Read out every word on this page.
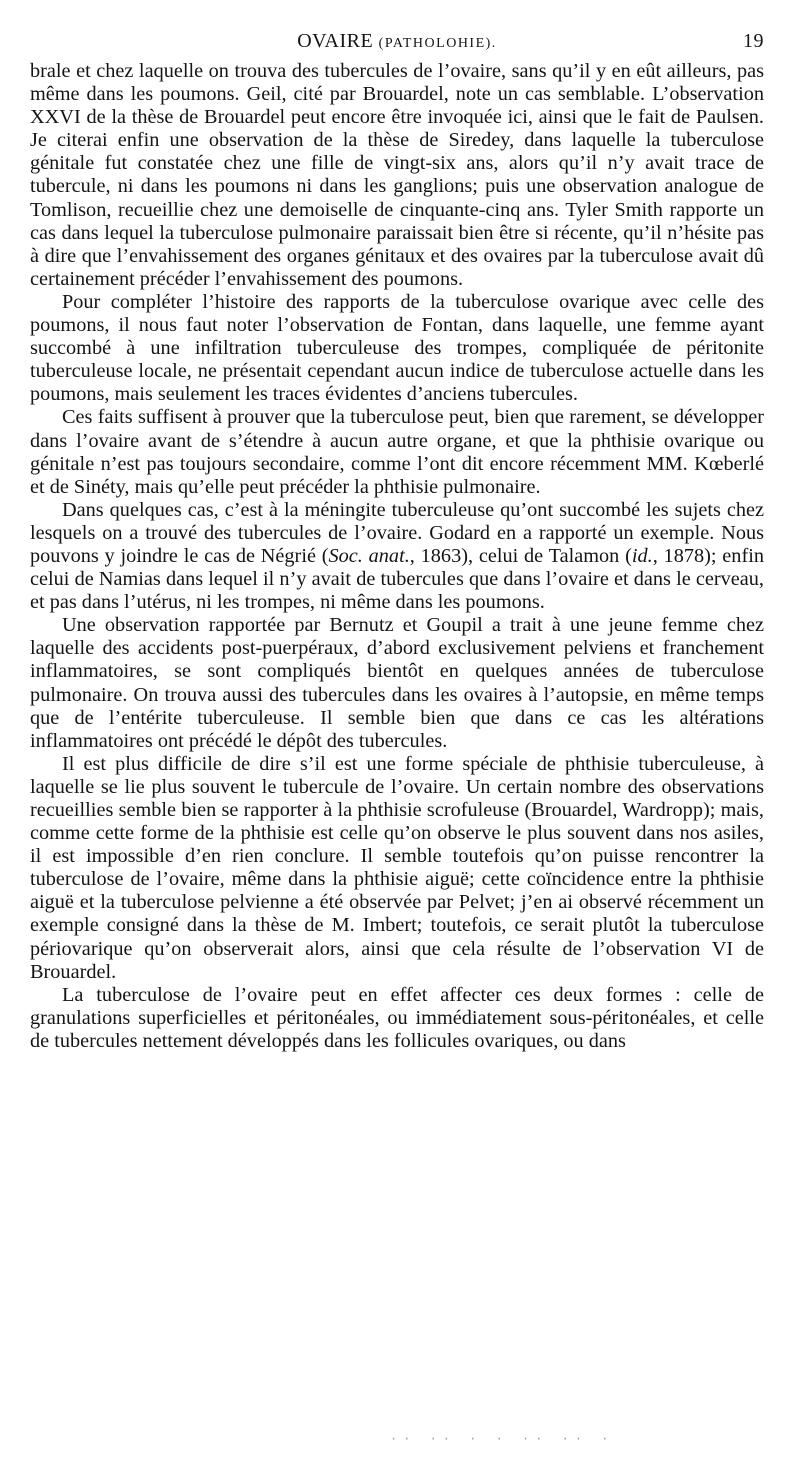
OVAIRE (PATHOLOHIE).	19

brale et chez laquelle on trouva des tubercules de l’ovaire, sans qu’il y en eût ailleurs, pas même dans les poumons. Geil, cité par Brouardel, note un cas semblable. L’observation XXVI de la thèse de Brouardel peut encore être invoquée ici, ainsi que le fait de Paulsen. Je citerai enfin une observation de la thèse de Siredey, dans laquelle la tuberculose génitale fut constatée chez une fille de vingt-six ans, alors qu’il n’y avait trace de tubercule, ni dans les poumons ni dans les ganglions; puis une observation analogue de Tomlison, recueillie chez une demoiselle de cinquante-cinq ans. Tyler Smith rapporte un cas dans lequel la tuberculose pulmonaire paraissait bien être si récente, qu’il n’hésite pas à dire que l’envahissement des organes génitaux et des ovaires par la tuberculose avait dû certainement précéder l’envahissement des poumons.

Pour compléter l’histoire des rapports de la tuberculose ovarique avec celle des poumons, il nous faut noter l’observation de Fontan, dans laquelle, une femme ayant succombé à une infiltration tuberculeuse des trompes, compliquée de péritonite tuberculeuse locale, ne présentait cependant aucun indice de tuberculose actuelle dans les poumons, mais seulement les traces évidentes d’anciens tubercules.

Ces faits suffisent à prouver que la tuberculose peut, bien que rarement, se développer dans l’ovaire avant de s’étendre à aucun autre organe, et que la phthisie ovarique ou génitale n’est pas toujours secondaire, comme l’ont dit encore récemment MM. Kœberlé et de Sinéty, mais qu’elle peut précéder la phthisie pulmonaire.

Dans quelques cas, c’est à la méningite tuberculeuse qu’ont succombé les sujets chez lesquels on a trouvé des tubercules de l’ovaire. Godard en a rapporté un exemple. Nous pouvons y joindre le cas de Négrié (Soc. anat., 1863), celui de Talamon (id., 1878); enfin celui de Namias dans lequel il n’y avait de tubercules que dans l’ovaire et dans le cerveau, et pas dans l’utérus, ni les trompes, ni même dans les poumons.

Une observation rapportée par Bernutz et Goupil a trait à une jeune femme chez laquelle des accidents post-puerpéraux, d’abord exclusivement pelviens et franchement inflammatoires, se sont compliqués bientôt en quelques années de tuberculose pulmonaire. On trouva aussi des tubercules dans les ovaires à l’autopsie, en même temps que de l’entérite tuberculeuse. Il semble bien que dans ce cas les altérations inflammatoires ont précédé le dépôt des tubercules.

Il est plus difficile de dire s’il est une forme spéciale de phthisie tuberculeuse, à laquelle se lie plus souvent le tubercule de l’ovaire. Un certain nombre des observations recueillies semble bien se rapporter à la phthisie scrofuleuse (Brouardel, Wardropp); mais, comme cette forme de la phthisie est celle qu’on observe le plus souvent dans nos asiles, il est impossible d’en rien conclure. Il semble toutefois qu’on puisse rencontrer la tuberculose de l’ovaire, même dans la phthisie aiguë; cette coïncidence entre la phthisie aiguë et la tuberculose pelvienne a été observée par Pelvet; j’en ai observé récemment un exemple consigné dans la thèse de M. Imbert; toutefois, ce serait plutôt la tuberculose périovarique qu’on observerait alors, ainsi que cela résulte de l’observation VI de Brouardel.

La tuberculose de l’ovaire peut en effet affecter ces deux formes : celle de granulations superficielles et péritonéales, ou immédiatement sous-péritonéales, et celle de tubercules nettement développés dans les follicules ovariques, ou dans

·· ·· · · ·· ·· ·
